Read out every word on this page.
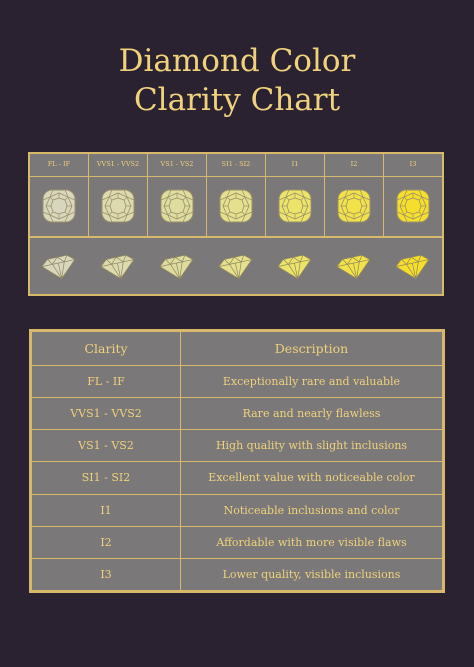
Diamond Color
Clarity Chart
FL - IF	VVS1 - VVS2	VS1 - VS2	SI1 - SI2	I1	I2	I3
Clarity	Description
FL - IF	Exceptionally rare and valuable
VVS1 - VVS2	Rare and nearly flawless
VS1 - VS2	High quality with slight inclusions
SI1 - SI2	Excellent value with noticeable color
I1	Noticeable inclusions and color
I2	Affordable with more visible flaws
I3	Lower quality, visible inclusions
